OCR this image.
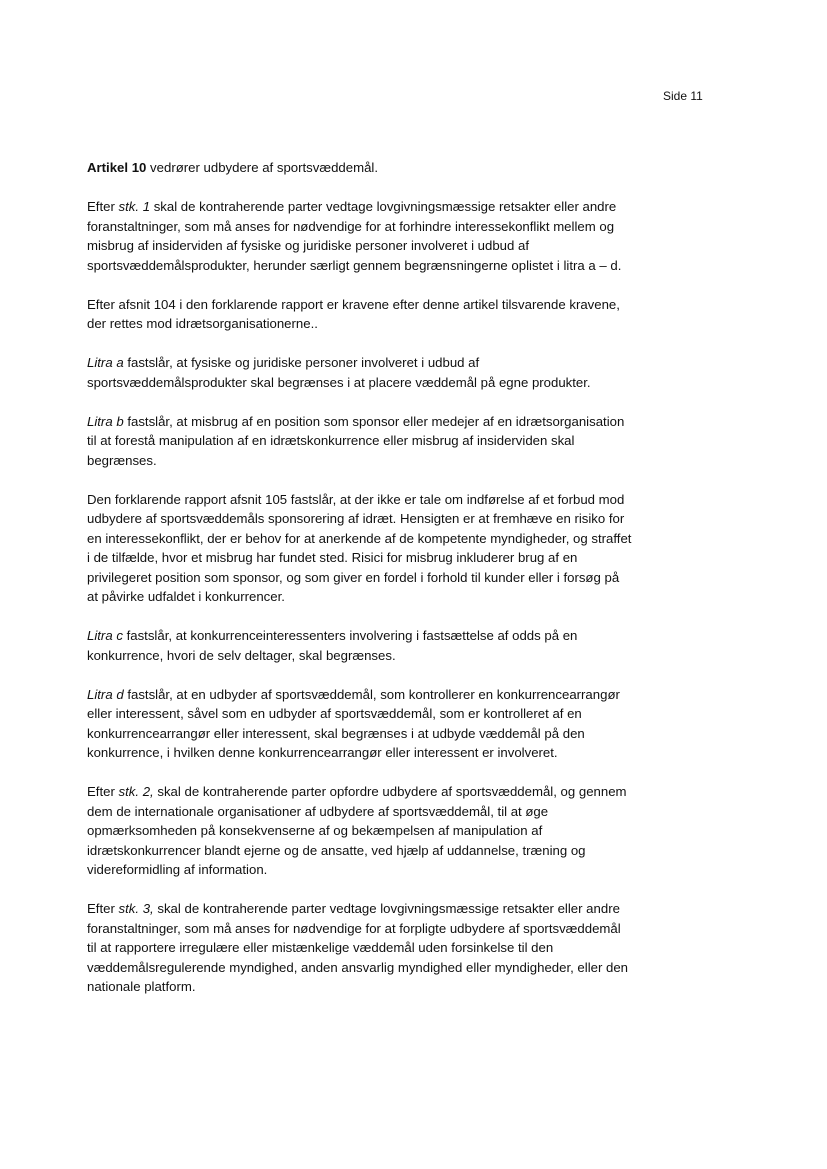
Side 11

Artikel 10 vedrører udbydere af sportsvæddemål.

Efter stk. 1 skal de kontraherende parter vedtage lovgivningsmæssige retsakter eller andre foranstaltninger, som må anses for nødvendige for at forhindre interessekonflikt mellem og misbrug af insiderviden af fysiske og juridiske personer involveret i udbud af sportsvæddemålsprodukter, herunder særligt gennem begrænsningerne oplistet i litra a – d.

Efter afsnit 104 i den forklarende rapport er kravene efter denne artikel tilsvarende kravene, der rettes mod idrætsorganisationerne..

Litra a fastslår, at fysiske og juridiske personer involveret i udbud af sportsvæddemålsprodukter skal begrænses i at placere væddemål på egne produkter.

Litra b fastslår, at misbrug af en position som sponsor eller medejer af en idrætsorganisation til at forestå manipulation af en idrætskonkurrence eller misbrug af insiderviden skal begrænses.

Den forklarende rapport afsnit 105 fastslår, at der ikke er tale om indførelse af et forbud mod udbydere af sportsvæddemåls sponsorering af idræt. Hensigten er at fremhæve en risiko for en interessekonflikt, der er behov for at anerkende af de kompetente myndigheder, og straffet i de tilfælde, hvor et misbrug har fundet sted. Risici for misbrug inkluderer brug af en privilegeret position som sponsor, og som giver en fordel i forhold til kunder eller i forsøg på at påvirke udfaldet i konkurrencer.

Litra c fastslår, at konkurrenceinteressenters involvering i fastsættelse af odds på en konkurrence, hvori de selv deltager, skal begrænses.

Litra d fastslår, at en udbyder af sportsvæddemål, som kontrollerer en konkurrencearrangør eller interessent, såvel som en udbyder af sportsvæddemål, som er kontrolleret af en konkurrencearrangør eller interessent, skal begrænses i at udbyde væddemål på den konkurrence, i hvilken denne konkurrencearrangør eller interessent er involveret.

Efter stk. 2, skal de kontraherende parter opfordre udbydere af sportsvæddemål, og gennem dem de internationale organisationer af udbydere af sportsvæddemål, til at øge opmærksomheden på konsekvenserne af og bekæmpelsen af manipulation af idrætskonkurrencer blandt ejerne og de ansatte, ved hjælp af uddannelse, træning og videreformidling af information.

Efter stk. 3, skal de kontraherende parter vedtage lovgivningsmæssige retsakter eller andre foranstaltninger, som må anses for nødvendige for at forpligte udbydere af sportsvæddemål til at rapportere irregulære eller mistænkelige væddemål uden forsinkelse til den væddemålsregulerende myndighed, anden ansvarlig myndighed eller myndigheder, eller den nationale platform.
